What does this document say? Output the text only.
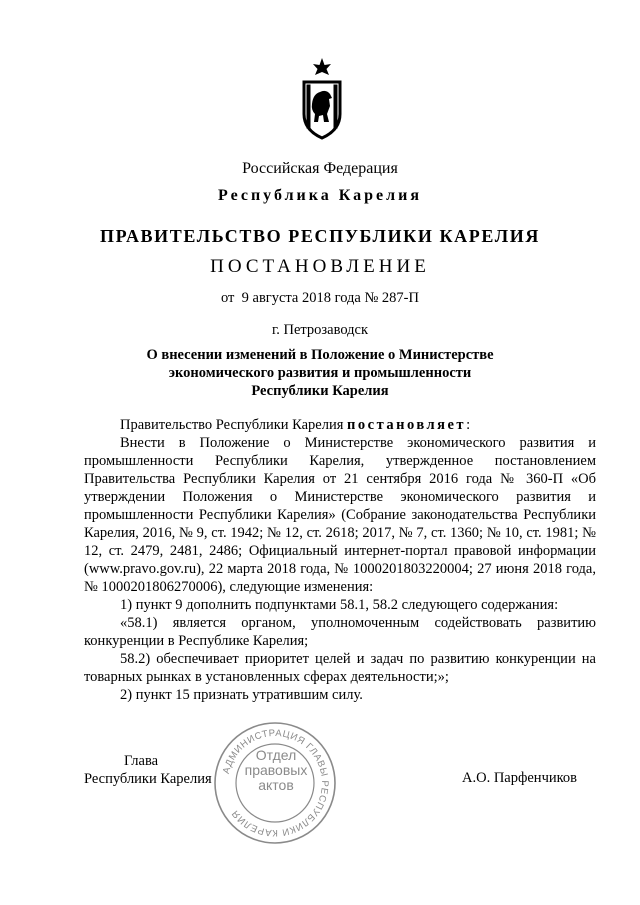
Российская Федерация
Республика Карелия
ПРАВИТЕЛЬСТВО РЕСПУБЛИКИ КАРЕЛИЯ
ПОСТАНОВЛЕНИЕ
от  9 августа 2018 года № 287-П
г. Петрозаводск
О внесении изменений в Положение о Министерстве
экономического развития и промышленности
Республики Карелия

Правительство Республики Карелия постановляет:

Внести в Положение о Министерстве экономического развития и промышленности Республики Карелия, утвержденное постановлением Правительства Республики Карелия от 21 сентября 2016 года № 360-П «Об утверждении Положения о Министерстве экономического развития и промышленности Республики Карелия» (Собрание законодательства Республики Карелия, 2016, № 9, ст. 1942; № 12, ст. 2618; 2017, № 7, ст. 1360; № 10, ст. 1981; № 12, ст. 2479, 2481, 2486; Официальный интернет-портал правовой информации (www.pravo.gov.ru), 22 марта 2018 года, № 1000201803220004; 27 июня 2018 года, № 1000201806270006), следующие изменения:

1) пункт 9 дополнить подпунктами 58.1, 58.2 следующего содержания:

«58.1) является органом, уполномоченным содействовать развитию конкуренции в Республике Карелия;

58.2) обеспечивает приоритет целей и задач по развитию конкуренции на товарных рынках в установленных сферах деятельности;»;

2) пункт 15 признать утратившим силу.

Глава
Республики Карелия	А.О. Парфенчиков
АДМИНИСТРАЦИЯ ГЛАВЫ РЕСПУБЛИКИ КАРЕЛИЯ
Отдел
правовых
актов
